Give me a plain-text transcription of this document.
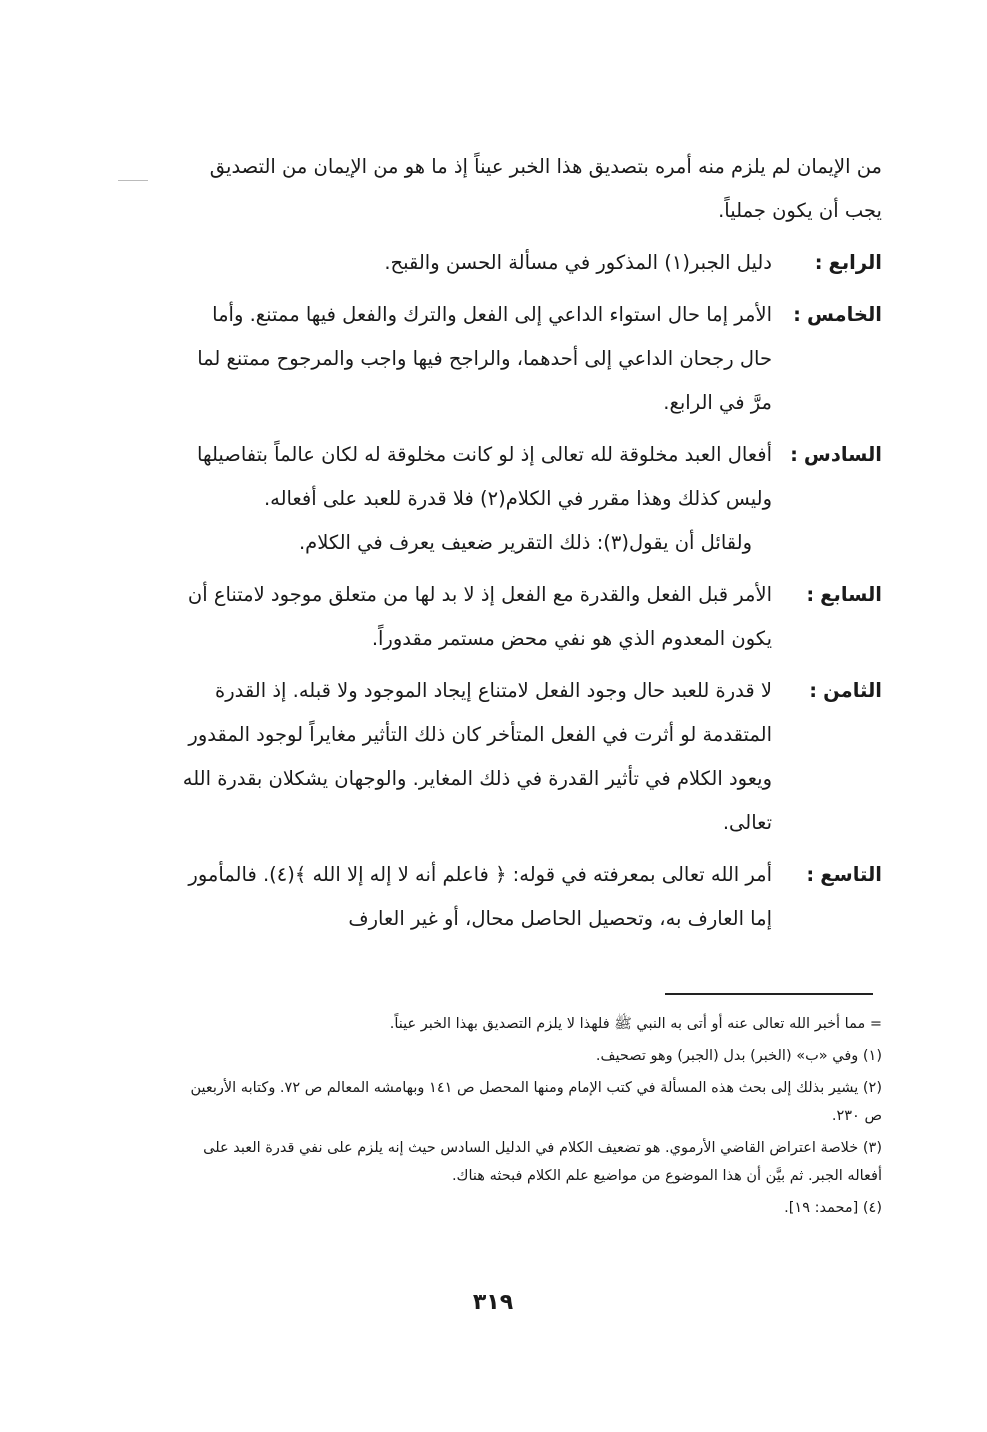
من الإيمان لم يلزم منه أمره بتصديق هذا الخبر عيناً إذ ما هو من الإيمان من التصديق يجب أن يكون جملياً.

الرابع:
دليل الجبر(١) المذكور في مسألة الحسن والقبح.
الخامس:
الأمر إما حال استواء الداعي إلى الفعل والترك والفعل فيها ممتنع. وأما حال رجحان الداعي إلى أحدهما، والراجح فيها واجب والمرجوح ممتنع لما مرَّ في الرابع.
السادس:
أفعال العبد مخلوقة لله تعالى إذ لو كانت مخلوقة له لكان عالماً بتفاصيلها وليس كذلك وهذا مقرر في الكلام(٢) فلا قدرة للعبد على أفعاله.

ولقائل أن يقول(٣): ذلك التقرير ضعيف يعرف في الكلام.

السابع:
الأمر قبل الفعل والقدرة مع الفعل إذ لا بد لها من متعلق موجود لامتناع أن يكون المعدوم الذي هو نفي محض مستمر مقدوراً.
الثامن:
لا قدرة للعبد حال وجود الفعل لامتناع إيجاد الموجود ولا قبله. إذ القدرة المتقدمة لو أثرت في الفعل المتأخر كان ذلك التأثير مغايراً لوجود المقدور ويعود الكلام في تأثير القدرة في ذلك المغاير. والوجهان يشكلان بقدرة الله تعالى.
التاسع:
أمر الله تعالى بمعرفته في قوله: ﴿ فاعلم أنه لا إله إلا الله ﴾(٤). فالمأمور إما العارف به، وتحصيل الحاصل محال، أو غير العارف

= مما أخبر الله تعالى عنه أو أتى به النبي ﷺ فلهذا لا يلزم التصديق بهذا الخبر عيناً.

(١) وفي «ب» (الخبر) بدل (الجبر) وهو تصحيف.

(٢) يشير بذلك إلى بحث هذه المسألة في كتب الإمام ومنها المحصل ص ١٤١ وبهامشه المعالم ص ٧٢. وكتابه الأربعين ص ٢٣٠.

(٣) خلاصة اعتراض القاضي الأرموي. هو تضعيف الكلام في الدليل السادس حيث إنه يلزم على نفي قدرة العبد على أفعاله الجبر. ثم بيَّن أن هذا الموضوع من مواضيع علم الكلام فبحثه هناك.

(٤) [محمد: ١٩].

٣١٩
